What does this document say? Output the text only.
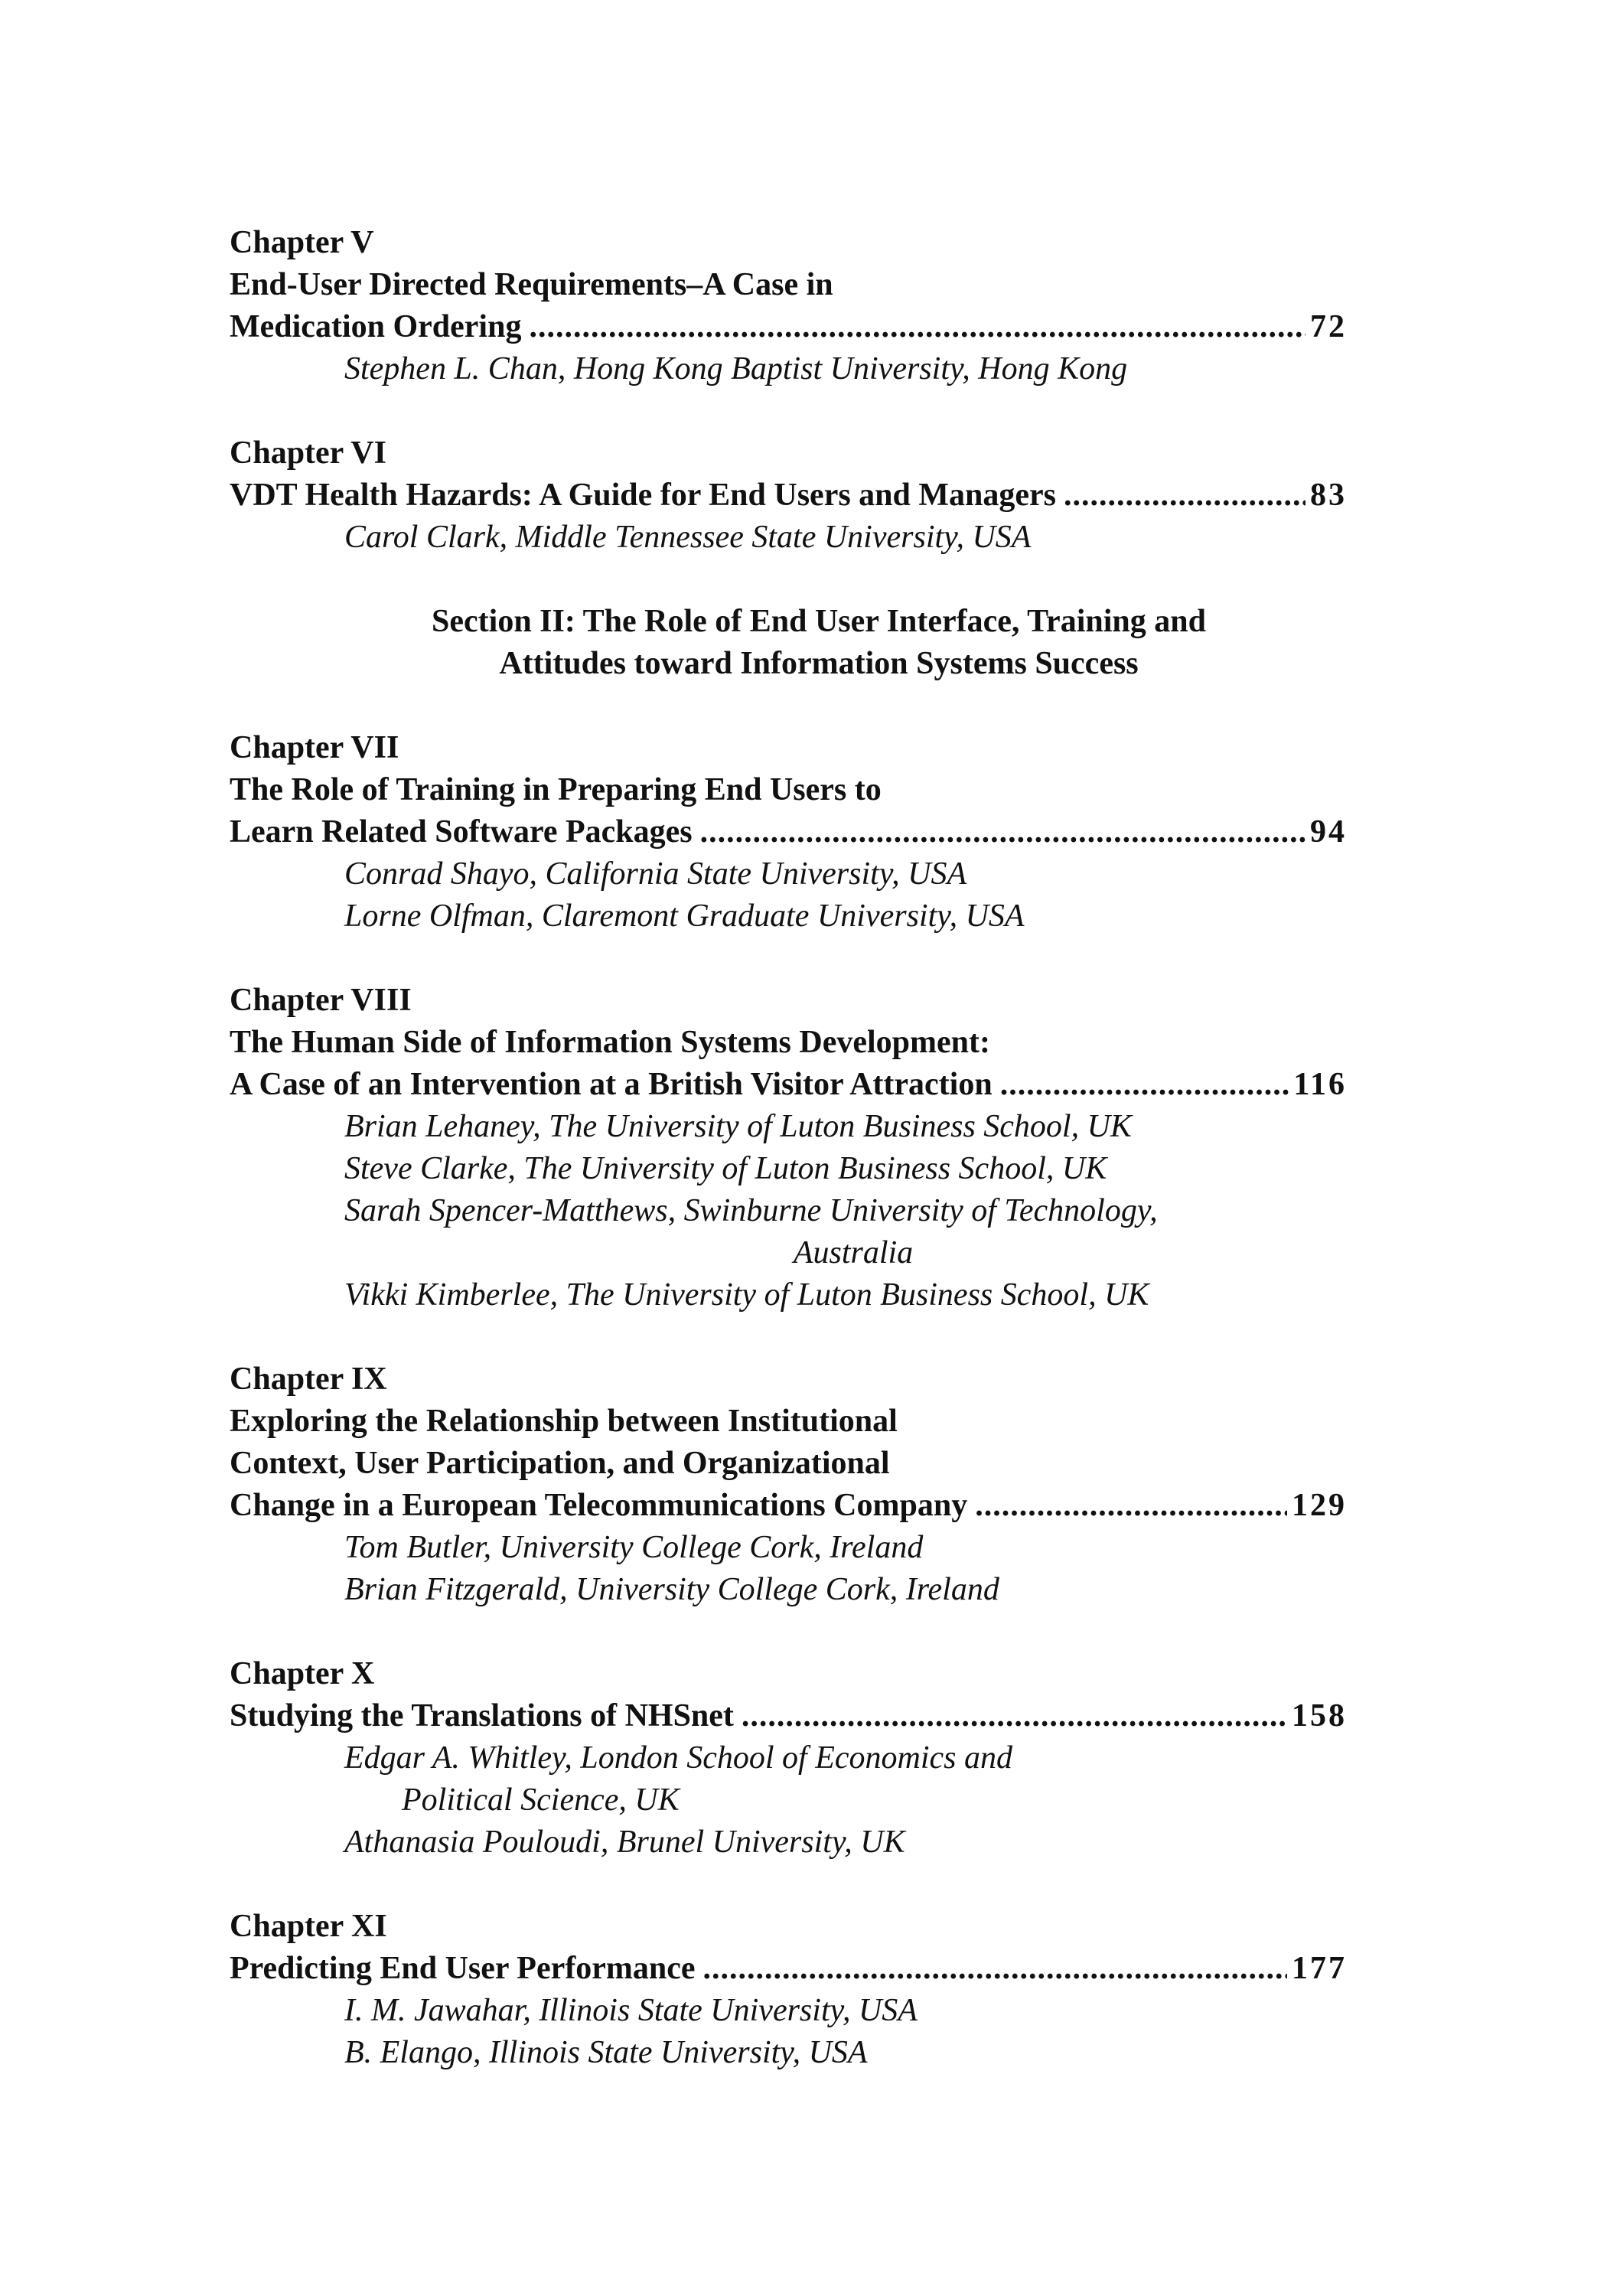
Chapter V
End-User Directed Requirements–A Case in
Medication Ordering .....	72
Stephen L. Chan, Hong Kong Baptist University, Hong Kong
Chapter VI
VDT Health Hazards: A Guide for End Users and Managers .....	83
Carol Clark, Middle Tennessee State University, USA
Section II: The Role of End User Interface, Training and
Attitudes toward Information Systems Success
Chapter VII
The Role of Training in Preparing End Users to
Learn Related Software Packages .....	94
Conrad Shayo, California State University, USA
Lorne Olfman, Claremont Graduate University, USA
Chapter VIII
The Human Side of Information Systems Development:
A Case of an Intervention at a British Visitor Attraction .....	116
Brian Lehaney, The University of Luton Business School, UK
Steve Clarke, The University of Luton Business School, UK
Sarah Spencer-Matthews, Swinburne University of Technology,
Australia
Vikki Kimberlee, The University of Luton Business School, UK
Chapter IX
Exploring the Relationship between Institutional
Context, User Participation, and Organizational
Change in a European Telecommunications Company .....	129
Tom Butler, University College Cork, Ireland
Brian Fitzgerald, University College Cork, Ireland
Chapter X
Studying the Translations of NHSnet .....	158
Edgar A. Whitley, London School of Economics and
Political Science, UK
Athanasia Pouloudi, Brunel University, UK
Chapter XI
Predicting End User Performance .....	177
I. M. Jawahar, Illinois State University, USA
B. Elango, Illinois State University, USA
